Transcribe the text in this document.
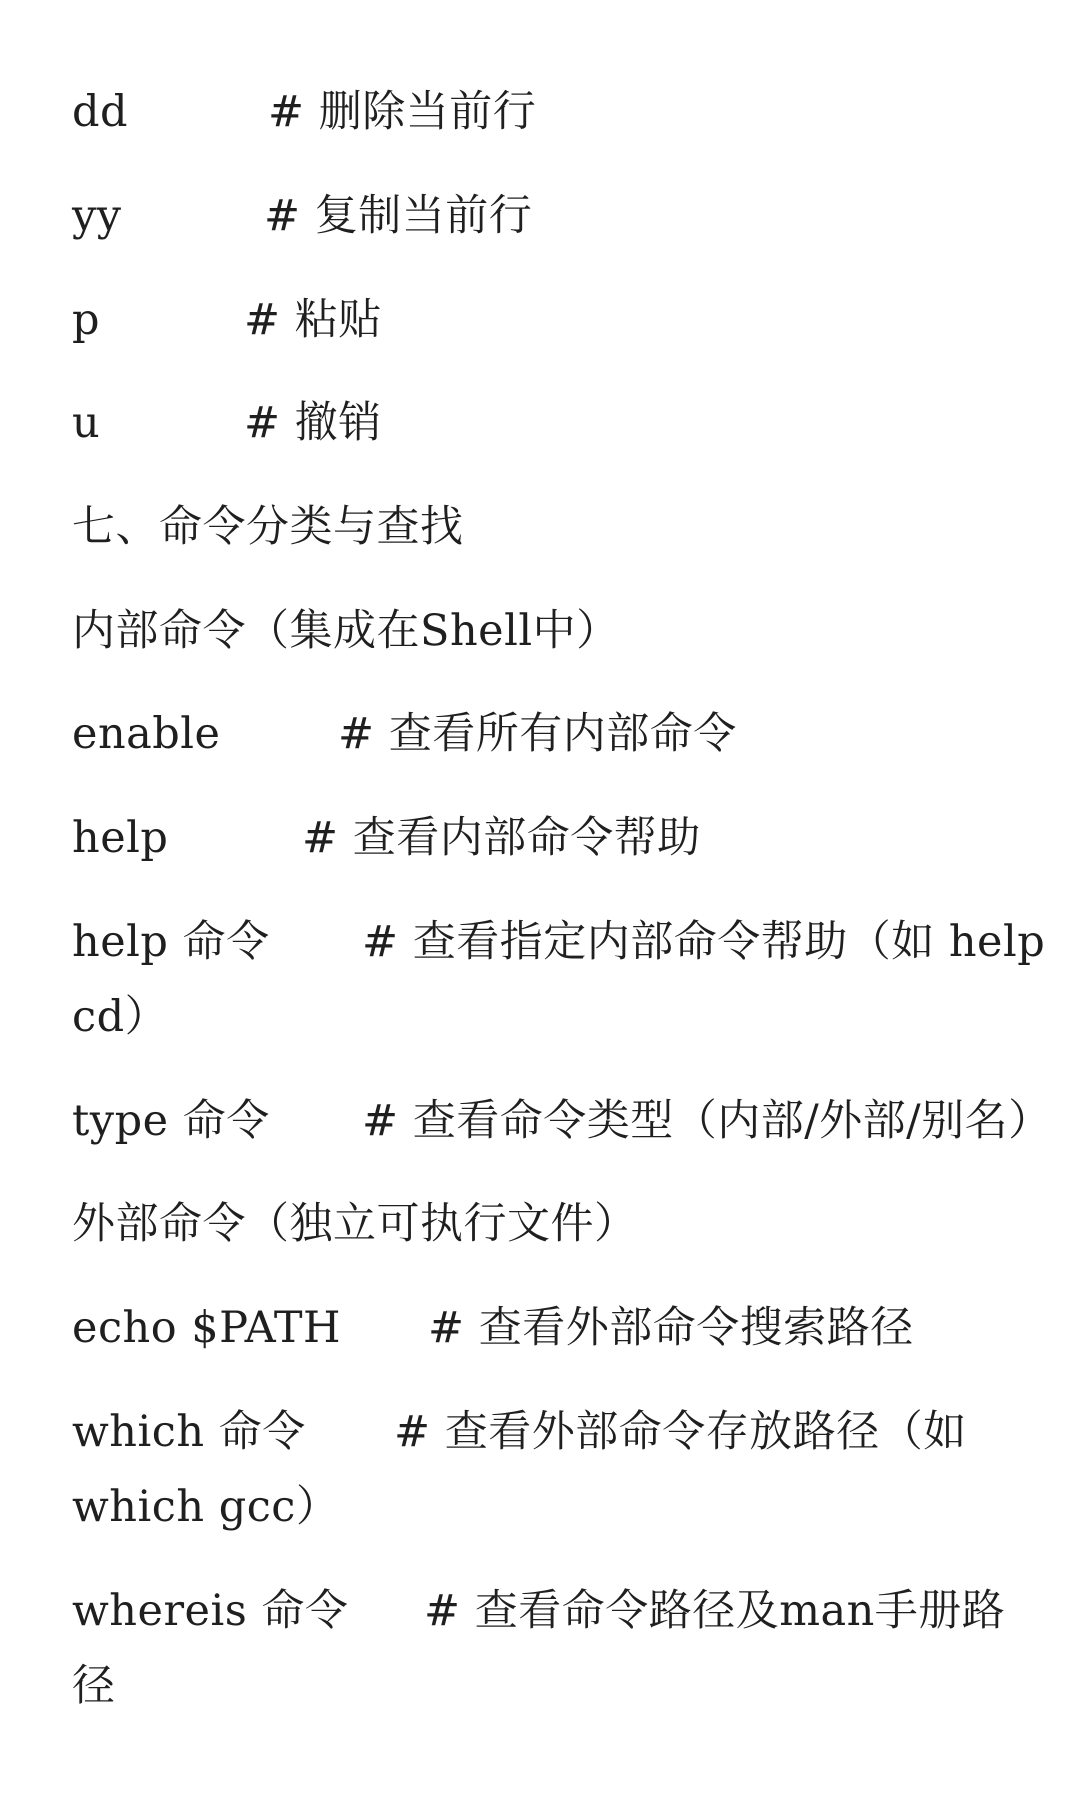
dd	# 删除当前行
yy	# 复制当前行
p	# 粘贴
u	# 撤销
七、命令分类与查找
内部命令（集成在Shell中）
enable	# 查看所有内部命令
help	# 查看内部命令帮助
help 命令 # 查看指定内部命令帮助（如 help
cd）
type 命令 # 查看命令类型（内部/外部/别名）
外部命令（独立可执行文件）
echo $PATH # 查看外部命令搜索路径
which 命令 # 查看外部命令存放路径（如
which gcc）
whereis 命令 # 查看命令路径及man手册路
径
